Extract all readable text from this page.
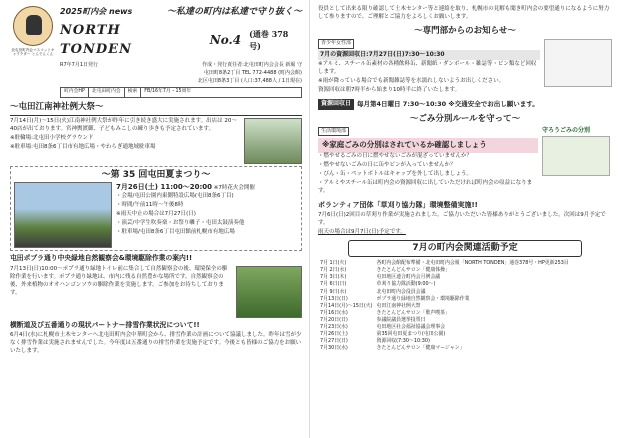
北屯田町内会マスコットキャラクター とんでんくん
2025町内会 news	～私達の町内は私達で守り抜く～
NORTH TONDEN
No.4 (通巻 378 号)
R7年7月1日発行	作成・発行責任者:北屯田町内会会長 新堀 守
屯田町8条2丁目 TEL 772-4488 (町内会館)
北区屯田8条3丁目 (人口:37,488人 / 1日現在)
町内会HP	北屯田町内会	検索	FB/16年7月・15周年
～屯田江南神社例大祭～

7月14日(月)～15日(火)江南神社例大祭が昨年に引き続き盛大に実施されます。出店は 20～40店が出ております。宮神輿渡御、子どもみこしの練り歩きも予定されています。

※駐輪場:北屯田小学校グラウンド

※駐車場:屯田8条6丁目市有地広場・やわらぎ通地域駐車場

～第 35 回屯田夏まつり～
7月26日(土) 11:00～20:00 ※7時花火会開催

・会場/屯田公園内東側特設広場(屯田8条6丁目)

・時間/午前11時～午後8時

※雨天中止の場合は7月27日(日)

・演芸/中学生吹奏楽・お祭り囃子・屯田太鼓演奏他

・駐車場/屯田8条6丁目屯田館前札幌市有地広場

屯田ポプラ通り中央緑地自然観察会&環境駆除作業の案内!!

7月13日(日)10:00～ポプラ通り緑地トイレ前に集合して自然観察会の後、環境保全の駆除作業を行います。ポプラ通り緑地は、市内に残る自然豊かな場所です。自然観察会の後、外来植物のオオハンゴンソウの駆除作業を実施します。ご参加をお待ちしております。

横断道及び五番通りの現状パートナー排雪作業状況について!!

6月4日(水)に札幌市土木センターへ北屯田町内会中華町会から、排雪作業の計画について協議しました。昨年は雪が少なく排雪作業は実施されませんでした。今年度は五番通りの排雪作業を実施予定です。今後とも皆様のご協力をお願いいたします。

役員として出来る限り確認して土木センター等と連絡を取り、札幌市の見解も聞き町内会の要望通りになるように努力して参りますので、ご理解とご協力をよろしくお願いします。

～専門部からのお知らせ～
青少年女性部
7月の資源回収日:7月27日(日)7:30～10:30

※アルミ、スチール缶素材の各種飲料缶、新聞紙・ダンボール・雑誌等・ビン類など回収します。

※雨が降っている場合でも新聞雑誌等を水濡れしないようお出しください。

資源回収は朝7時半から始まり10時半に終了いたします。

資源回収日 毎月第4日曜日 7:30～10:30 ※交通安全でお出し願います。
～ごみ分別ルールを守って～
生活環境部
※家庭ごみの分別はされているか確認しましょう

・燃やせるごみの日に燃やせないごみが混ざっていませんか？

・燃やせないごみの日に缶やビンが入っていませんか？

・びん・缶・ペットボトルはキャップを外して出しましょう。

・アルミやスチール缶は町内会の資源回収に出していただければ町内会の収益になります。

守ろうごみの分別
ボランティア団体「草刈り協力隊」環境整備実施!!

7月6日(日)2回目の草刈り作業が実施されました。ご協力いただいた皆様ありがとうございました。次回は9月予定です。

雨天の場合は9月7日(日)予定です。

7月の町内会関連活動予定
7月 1日(火)	各町内会館配布準備・北屯田町内会報「NORTH TONDEN」通巻378号・HP更新253目
7月 2日(水)	きたとんどんサロン「健康体操」
7月 3日(木)	屯田地区連合町内会月例会議
7月 6日(日)	草刈り協力隊活動(9:00～)
7月 9日(水)	北屯田町内会役員会議
7月13日(日)	ポプラ通り緑地自然観察会・環境駆除作業
7月14日(月)～15日(火)	屯田江南神社例大祭
7月16日(水)	きたとんどんサロン「歌声喫茶」
7月20日(日)	参議院議員選挙投票日
7月23日(水)	屯田地区社会福祉協議会理事会
7月26日(土)	第35回屯田夏まつり(屯田公園)
7月27日(日)	資源回収(7:30～10:30)
7月30日(水)	きたとんどんサロン「健康マージャン」
